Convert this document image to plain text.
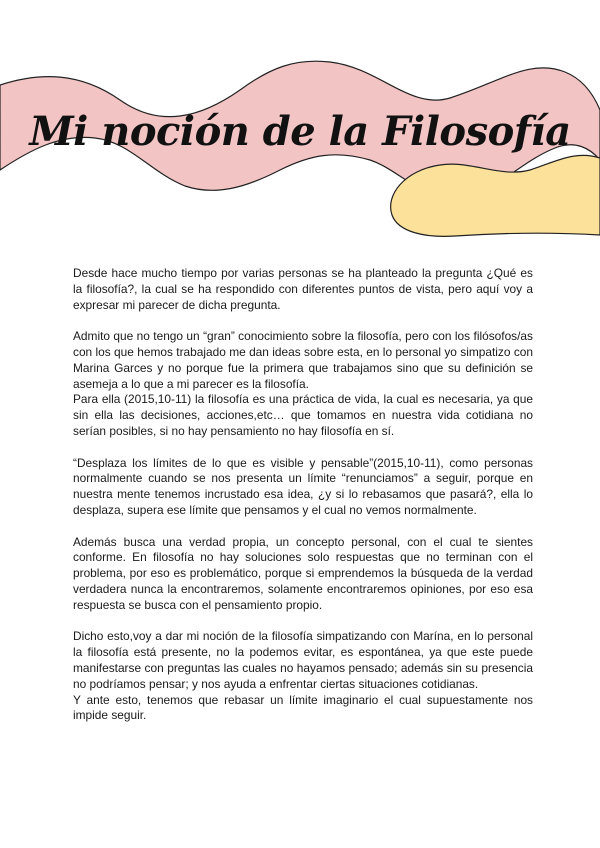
Mi noción de la Filosofía

Desde hace mucho tiempo por varias personas se ha planteado la pregunta ¿Qué es la filosofía?, la cual se ha respondido con diferentes puntos de vista, pero aquí voy a expresar mi parecer de dicha pregunta.

Admito que no tengo un “gran” conocimiento sobre la filosofía, pero con los filósofos/as con los que hemos trabajado me dan ideas sobre esta, en lo personal yo simpatizo con Marina Garces y no porque fue la primera que trabajamos sino que su definición se asemeja a lo que a mi parecer es la filosofía.

Para ella (2015,10-11) la filosofía es una práctica de vida, la cual es necesaria, ya que sin ella las decisiones, acciones,etc… que tomamos en nuestra vida cotidiana no serían posibles, si no hay pensamiento no hay filosofía en sí.

“Desplaza los límites de lo que es visible y pensable”(2015,10-11), como personas normalmente cuando se nos presenta un límite “renunciamos” a seguir, porque en nuestra mente tenemos incrustado esa idea, ¿y si lo rebasamos que pasará?, ella lo desplaza, supera ese límite que pensamos y el cual no vemos normalmente.

Además busca una verdad propia, un concepto personal, con el cual te sientes conforme. En filosofía no hay soluciones solo respuestas que no terminan con el problema, por eso es problemático, porque si emprendemos la búsqueda de la verdad verdadera nunca la encontraremos, solamente encontraremos opiniones, por eso esa respuesta se busca con el pensamiento propio.

Dicho esto,voy a dar mi noción de la filosofía simpatizando con Marína, en lo personal la filosofía está presente, no la podemos evitar, es espontánea, ya que este puede manifestarse con preguntas las cuales no hayamos pensado; además sin su presencia no podríamos pensar; y nos ayuda a enfrentar ciertas situaciones cotidianas.

Y ante esto, tenemos que rebasar un límite imaginario el cual supuestamente nos impide seguir.
